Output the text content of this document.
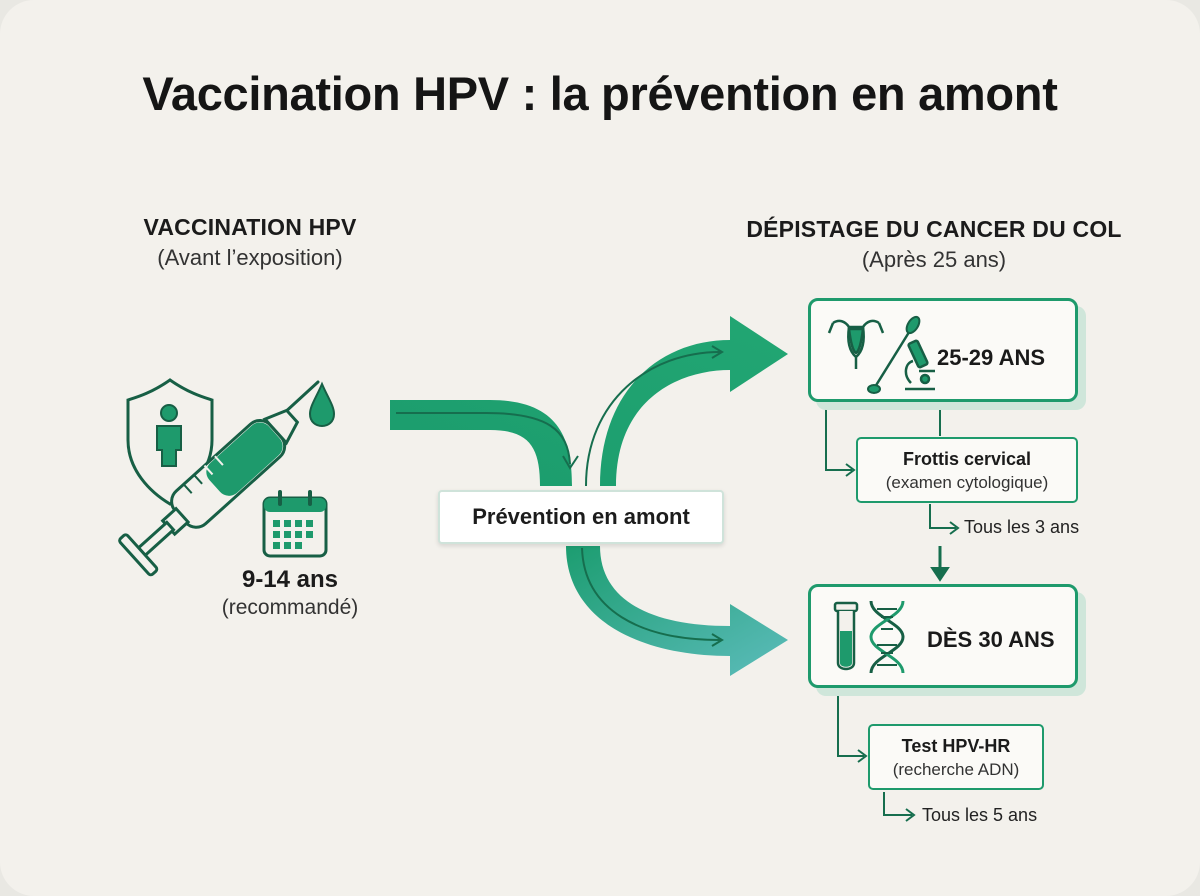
Vaccination HPV : la prévention en amont
VACCINATION HPV
(Avant l’exposition)
DÉPISTAGE DU CANCER DU COL
(Après 25 ans)
25-29 ANS
Frottis cervical
(examen cytologique)
Tous les 3 ans
DÈS 30 ANS
Test HPV-HR
(recherche ADN)
Tous les 5 ans
Prévention en amont
9-14 ans
(recommandé)
